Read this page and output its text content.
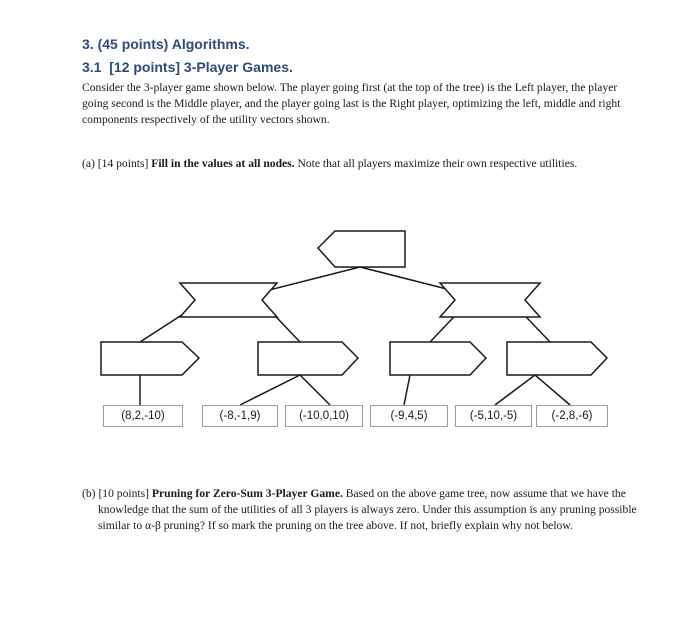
3. (45 points) Algorithms.
3.1  [12 points] 3-Player Games.

Consider the 3-player game shown below. The player going first (at the top of the tree) is the Left player, the player going second is the Middle player, and the player going last is the Right player, optimizing the left, middle and right components respectively of the utility vectors shown.

(a) [14 points] Fill in the values at all nodes. Note that all players maximize their own respective utilities.

(8,2,-10)	(-8,-1,9)	(-10,0,10)	(-9,4,5)	(-5,10,-5)	(-2,8,-6)

(b) [10 points] Pruning for Zero-Sum 3-Player Game. Based on the above game tree, now assume that we have the knowledge that the sum of the utilities of all 3 players is always zero. Under this assumption is any pruning possible similar to α-β pruning? If so mark the pruning on the tree above. If not, briefly explain why not below.
